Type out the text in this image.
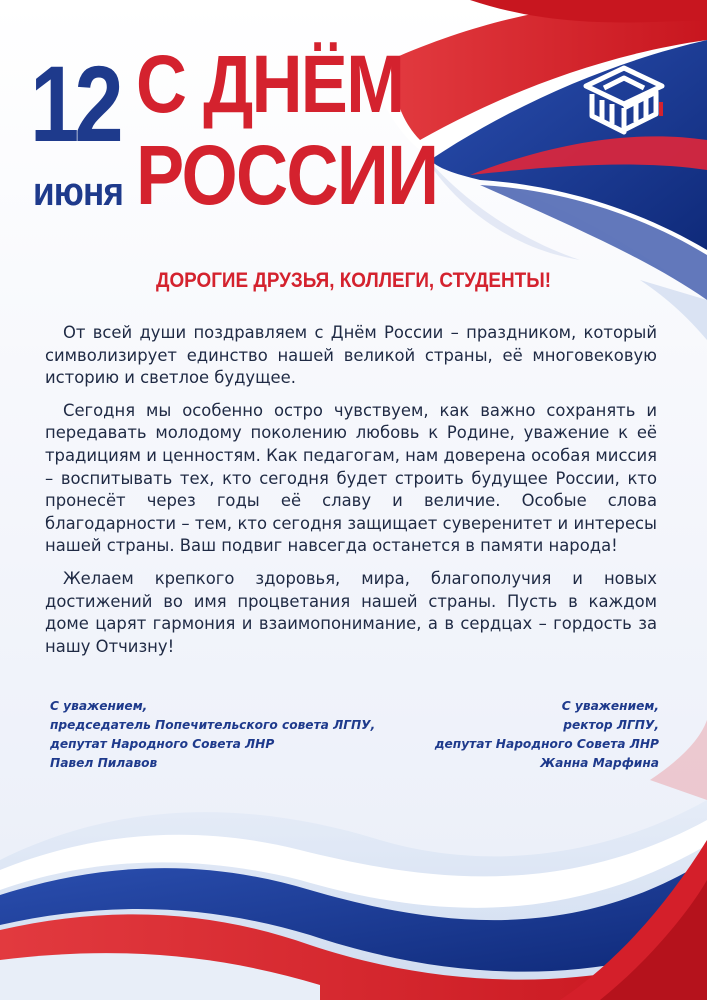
12
июня
С ДНЁМ
РОССИИ
ДОРОГИЕ ДРУЗЬЯ, КОЛЛЕГИ, СТУДЕНТЫ!

От всей души поздравляем с Днём России – праздником, который символизирует единство нашей великой страны, её многовековую историю и светлое будущее.

Сегодня мы особенно остро чувствуем, как важно сохранять и передавать молодому поколению любовь к Родине, уважение к её традициям и ценностям. Как педагогам, нам доверена особая миссия – воспитывать тех, кто сегодня будет строить будущее России, кто пронесёт через годы её славу и величие. Особые слова благодарности – тем, кто сегодня защищает суверенитет и интересы нашей страны. Ваш подвиг навсегда останется в памяти народа!

Желаем крепкого здоровья, мира, благополучия и новых достижений во имя процветания нашей страны. Пусть в каждом доме царят гармония и взаимопонимание, а в сердцах – гордость за нашу Отчизну!

С уважением,
председатель Попечительского совета ЛГПУ,
депутат Народного Совета ЛНР
Павел Пилавов
С уважением,
ректор ЛГПУ,
депутат Народного Совета ЛНР
Жанна Марфина
